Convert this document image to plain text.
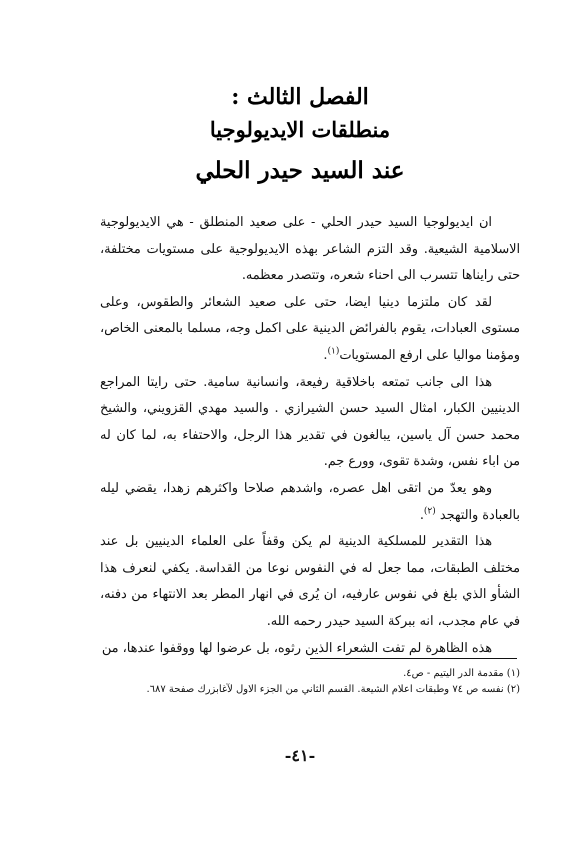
الفصل الثالث :
منطلقات الايديولوجيا
عند السيد حيدر الحلي

ان ايديولوجيا السيد حيدر الحلي - على صعيد المنطلق - هي الايديولوجية الاسلامية الشيعية. وقد التزم الشاعر بهذه الايديولوجية على مستويات مختلفة، حتى رايناها تتسرب الى احناء شعره، وتتصدر معظمه.

لقد كان ملتزما دينيا ايضا، حتى على صعيد الشعائر والطقوس، وعلى مستوى العبادات، يقوم بالفرائض الدينية على اكمل وجه، مسلما بالمعنى الخاص، ومؤمنا مواليا على ارفع المستويات$^{(١)}$.

هذا الى جانب تمتعه باخلاقية رفيعة، وانسانية سامية. حتى رايتا المراجع الدينيين الكبار، امثال السيد حسن الشيرازي . والسيد مهدي القزويني، والشيخ محمد حسن آل ياسين، يبالغون في تقدير هذا الرجل، والاحتفاء به، لما كان له من اباء نفس، وشدة تقوى، وورع جم.

وهو يعدّ من اتقى اهل عصره، واشدهم صلاحا واكثرهم زهدا، يقضي ليله بالعبادة والتهجد $^{(٢)}$.

هذا التقدير للمسلكية الدينية لم يكن وقفاً على العلماء الدينيين بل عند مختلف الطبقات، مما جعل له في النفوس نوعا من القداسة. يكفي لنعرف هذا الشأو الذي بلغ في نفوس عارفيه، ان يُرى في انهار المطر بعد الانتهاء من دفنه، في عام مجدب، انه ببركة السيد حيدر رحمه الله.

هذه الظاهرة لم تفت الشعراء الذين رثوه، بل عرضوا لها ووقفوا عندها، من

(١) مقدمة الدر اليتيم - ص٤.
(٢) نفسه ص ٧٤ وطبقات اعلام الشيعة. القسم الثاني من الجزء الاول لآغابزرك صفحة ٦٨٧.
-٤١-
